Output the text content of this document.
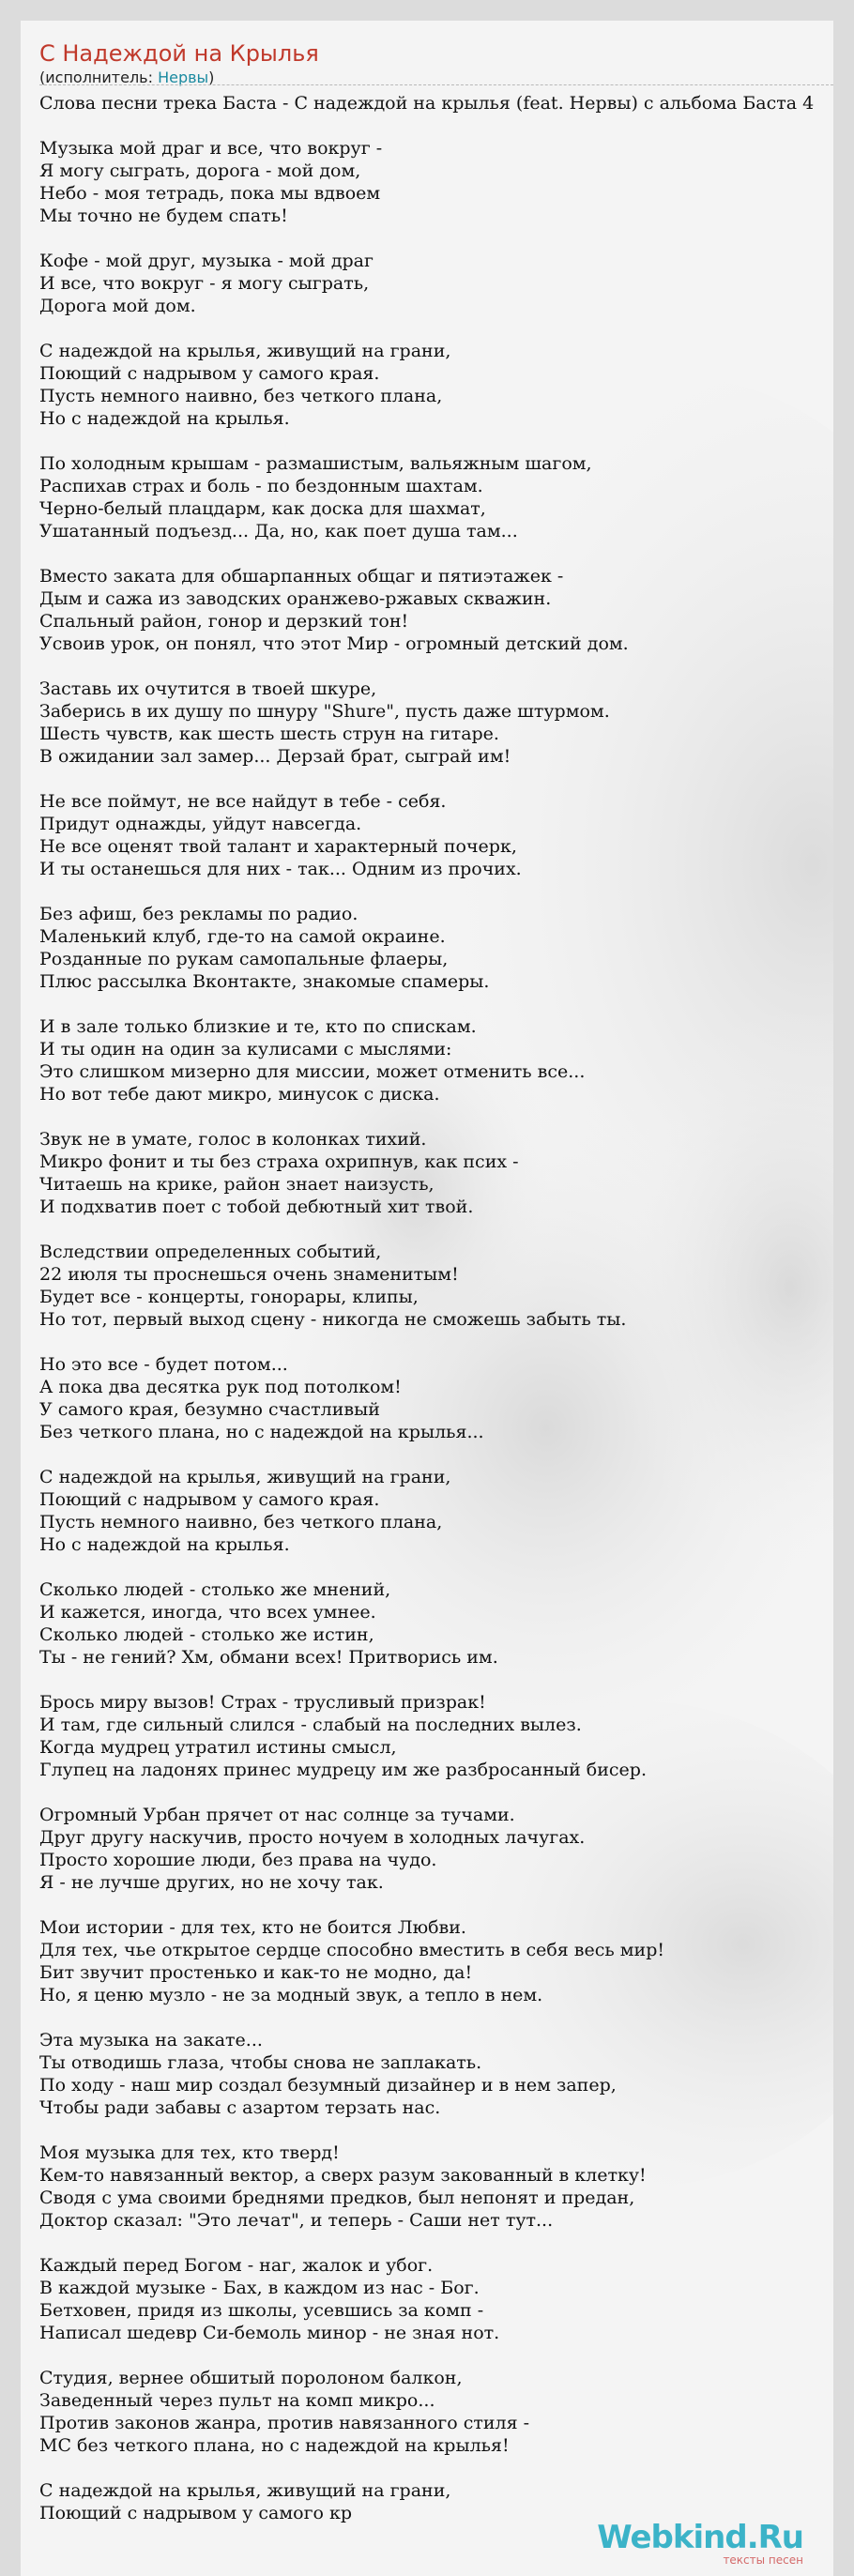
С Надеждой на Крылья
(исполнитель: Нервы)
Слова песни трека Баста - С надеждой на крылья (feat. Нервы) с альбома Баста 4

Музыка мой драг и все, что вокруг -
Я могу сыграть, дорога - мой дом,
Небо - моя тетрадь, пока мы вдвоем
Мы точно не будем спать!

Кофе - мой друг, музыка - мой драг
И все, что вокруг - я могу сыграть,
Дорога мой дом.

С надеждой на крылья, живущий на грани,
Поющий с надрывом у самого края.
Пусть немного наивно, без четкого плана,
Но с надеждой на крылья.

По холодным крышам - размашистым, вальяжным шагом,
Распихав страх и боль - по бездонным шахтам.
Черно-белый плацдарм, как доска для шахмат,
Ушатанный подъезд... Да, но, как поет душа там...

Вместо заката для обшарпанных общаг и пятиэтажек -
Дым и сажа из заводских оранжево-ржавых скважин.
Спальный район, гонор и дерзкий тон!
Усвоив урок, он понял, что этот Мир - огромный детский дом.

Заставь их очутится в твоей шкуре,
Заберись в их душу по шнуру "Shure", пусть даже штурмом.
Шесть чувств, как шесть шесть струн на гитаре.
В ожидании зал замер... Дерзай брат, сыграй им!

Не все поймут, не все найдут в тебе - себя.
Придут однажды, уйдут навсегда.
Не все оценят твой талант и характерный почерк,
И ты останешься для них - так... Одним из прочих.

Без афиш, без рекламы по радио.
Маленький клуб, где-то на самой окраине.
Розданные по рукам самопальные флаеры,
Плюс рассылка Вконтакте, знакомые спамеры.

И в зале только близкие и те, кто по спискам.
И ты один на один за кулисами с мыслями:
Это слишком мизерно для миссии, может отменить все...
Но вот тебе дают микро, минусок с диска.

Звук не в умате, голос в колонках тихий.
Микро фонит и ты без страха охрипнув, как псих -
Читаешь на крике, район знает наизусть,
И подхватив поет с тобой дебютный хит твой.

Вследствии определенных событий,
22 июля ты проснешься очень знаменитым!
Будет все - концерты, гонорары, клипы,
Но тот, первый выход сцену - никогда не сможешь забыть ты.

Но это все - будет потом...
А пока два десятка рук под потолком!
У самого края, безумно счастливый
Без четкого плана, но с надеждой на крылья...

С надеждой на крылья, живущий на грани,
Поющий с надрывом у самого края.
Пусть немного наивно, без четкого плана,
Но с надеждой на крылья.

Сколько людей - столько же мнений,
И кажется, иногда, что всех умнее.
Сколько людей - столько же истин,
Ты - не гений? Хм, обмани всех! Притворись им.

Брось миру вызов! Страх - трусливый призрак!
И там, где сильный слился - слабый на последних вылез.
Когда мудрец утратил истины смысл,
Глупец на ладонях принес мудрецу им же разбросанный бисер.

Огромный Урбан прячет от нас солнце за тучами.
Друг другу наскучив, просто ночуем в холодных лачугах.
Просто хорошие люди, без права на чудо.
Я - не лучше других, но не хочу так.

Мои истории - для тех, кто не боится Любви.
Для тех, чье открытое сердце способно вместить в себя весь мир!
Бит звучит простенько и как-то не модно, да!
Но, я ценю музло - не за модный звук, а тепло в нем.

Эта музыка на закате...
Ты отводишь глаза, чтобы снова не заплакать.
По ходу - наш мир создал безумный дизайнер и в нем запер,
Чтобы ради забавы с азартом терзать нас.

Моя музыка для тех, кто тверд!
Кем-то навязанный вектор, а сверх разум закованный в клетку!
Сводя с ума своими бреднями предков, был непонят и предан,
Доктор сказал: "Это лечат", и теперь - Саши нет тут...

Каждый перед Богом - наг, жалок и убог.
В каждой музыке - Бах, в каждом из нас - Бог.
Бетховен, придя из школы, усевшись за комп -
Написал шедевр Си-бемоль минор - не зная нот.

Студия, вернее обшитый поролоном балкон,
Заведенный через пульт на комп микро...
Против законов жанра, против навязанного стиля -
MC без четкого плана, но с надеждой на крылья!

С надеждой на крылья, живущий на грани,
Поющий с надрывом у самого кр
Webkind.Ru
тексты песен
